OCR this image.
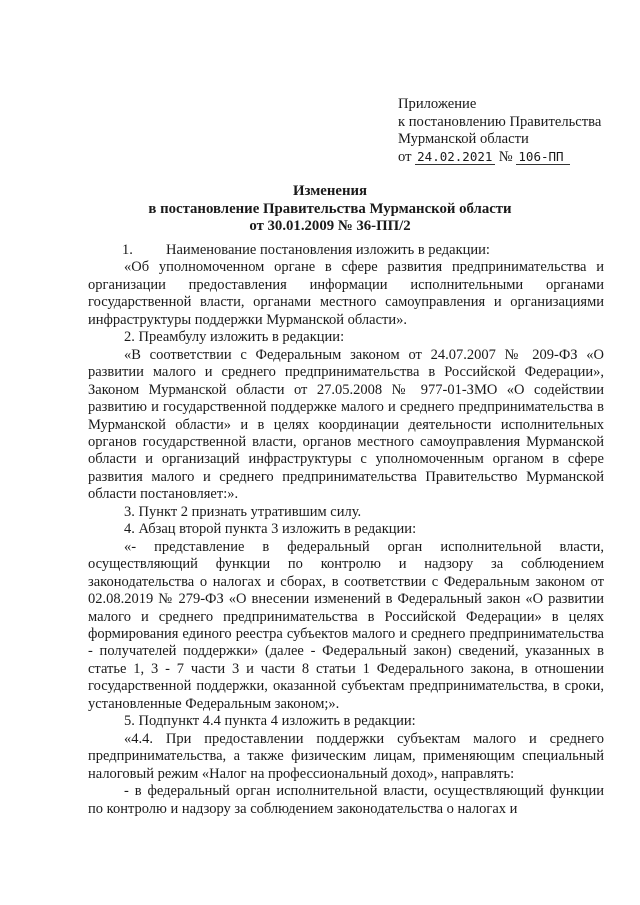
Приложение
к постановлению Правительства
Мурманской области
от 24.02.2021 № 106-ПП
Изменения
в постановление Правительства Мурманской области
от 30.01.2009 № 36-ПП/2

1. Наименование постановления изложить в редакции:

«Об уполномоченном органе в сфере развития предпринимательства и организации предоставления информации исполнительными органами государственной власти, органами местного самоуправления и организациями инфраструктуры поддержки Мурманской области».

2. Преамбулу изложить в редакции:

«В соответствии с Федеральным законом от 24.07.2007 № 209-ФЗ «О развитии малого и среднего предпринимательства в Российской Федерации», Законом Мурманской области от 27.05.2008 № 977-01-ЗМО «О содействии развитию и государственной поддержке малого и среднего предпринимательства в Мурманской области» и в целях координации деятельности исполнительных органов государственной власти, органов местного самоуправления Мурманской области и организаций инфраструктуры с уполномоченным органом в сфере развития малого и среднего предпринимательства Правительство Мурманской области постановляет:».

3. Пункт 2 признать утратившим силу.

4. Абзац второй пункта 3 изложить в редакции:

«- представление в федеральный орган исполнительной власти, осуществляющий функции по контролю и надзору за соблюдением законодательства о налогах и сборах, в соответствии с Федеральным законом от 02.08.2019 № 279-ФЗ «О внесении изменений в Федеральный закон «О развитии малого и среднего предпринимательства в Российской Федерации» в целях формирования единого реестра субъектов малого и среднего предпринимательства - получателей поддержки» (далее - Федеральный закон) сведений, указанных в статье 1, 3 - 7 части 3 и части 8 статьи 1 Федерального закона, в отношении государственной поддержки, оказанной субъектам предпринимательства, в сроки, установленные Федеральным законом;».

5. Подпункт 4.4 пункта 4 изложить в редакции:

«4.4. При предоставлении поддержки субъектам малого и среднего предпринимательства, а также физическим лицам, применяющим специальный налоговый режим «Налог на профессиональный доход», направлять:

- в федеральный орган исполнительной власти, осуществляющий функции по контролю и надзору за соблюдением законодательства о налогах и
